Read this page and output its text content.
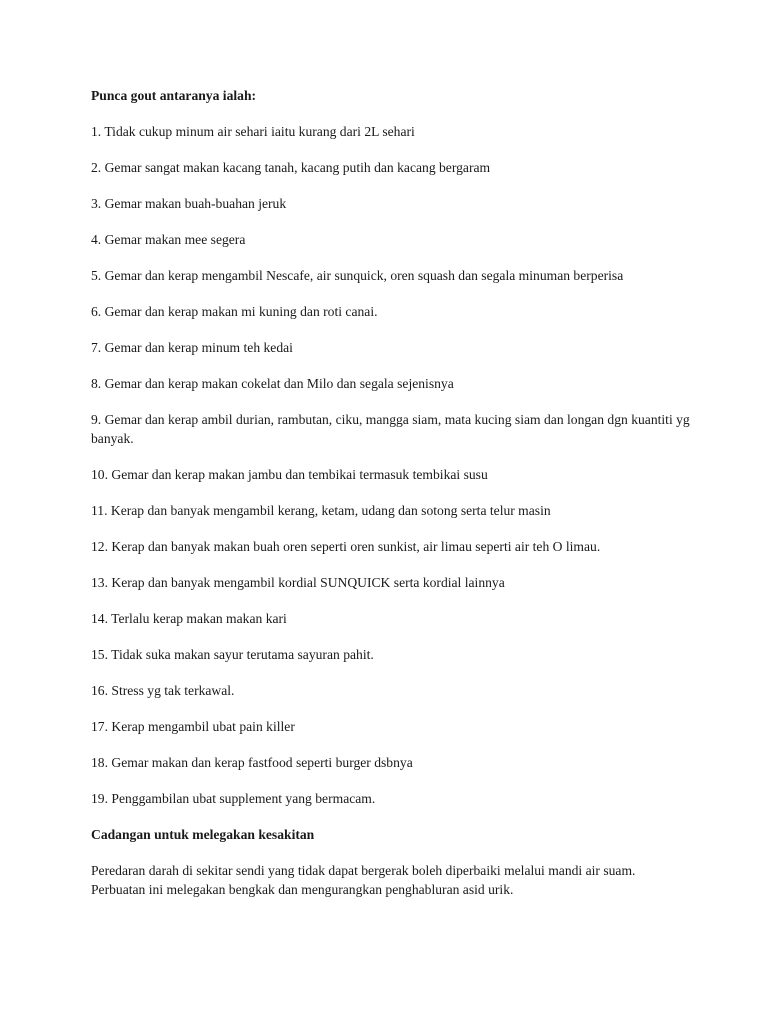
Punca gout antaranya ialah:
1. Tidak cukup minum air sehari iaitu kurang dari 2L sehari
2. Gemar sangat makan kacang tanah, kacang putih dan kacang bergaram
3. Gemar makan buah-buahan jeruk
4. Gemar makan mee segera
5. Gemar dan kerap mengambil Nescafe, air sunquick, oren squash dan segala minuman berperisa
6. Gemar dan kerap makan mi kuning dan roti canai.
7. Gemar dan kerap minum teh kedai
8. Gemar dan kerap makan cokelat dan Milo dan segala sejenisnya
9. Gemar dan kerap ambil durian, rambutan, ciku, mangga siam, mata kucing siam dan longan dgn kuantiti yg banyak.
10. Gemar dan kerap makan jambu dan tembikai termasuk tembikai susu
11. Kerap dan banyak mengambil kerang, ketam, udang dan sotong serta telur masin
12. Kerap dan banyak makan buah oren seperti oren sunkist, air limau seperti air teh O limau.
13. Kerap dan banyak mengambil kordial SUNQUICK serta kordial lainnya
14. Terlalu kerap makan makan kari
15. Tidak suka makan sayur terutama sayuran pahit.
16. Stress yg tak terkawal.
17. Kerap mengambil ubat pain killer
18. Gemar makan dan kerap fastfood seperti burger dsbnya
19. Penggambilan ubat supplement yang bermacam.
Cadangan untuk melegakan kesakitan

Peredaran darah di sekitar sendi yang tidak dapat bergerak boleh diperbaiki melalui mandi air suam. Perbuatan ini melegakan bengkak dan mengurangkan penghabluran asid urik.
